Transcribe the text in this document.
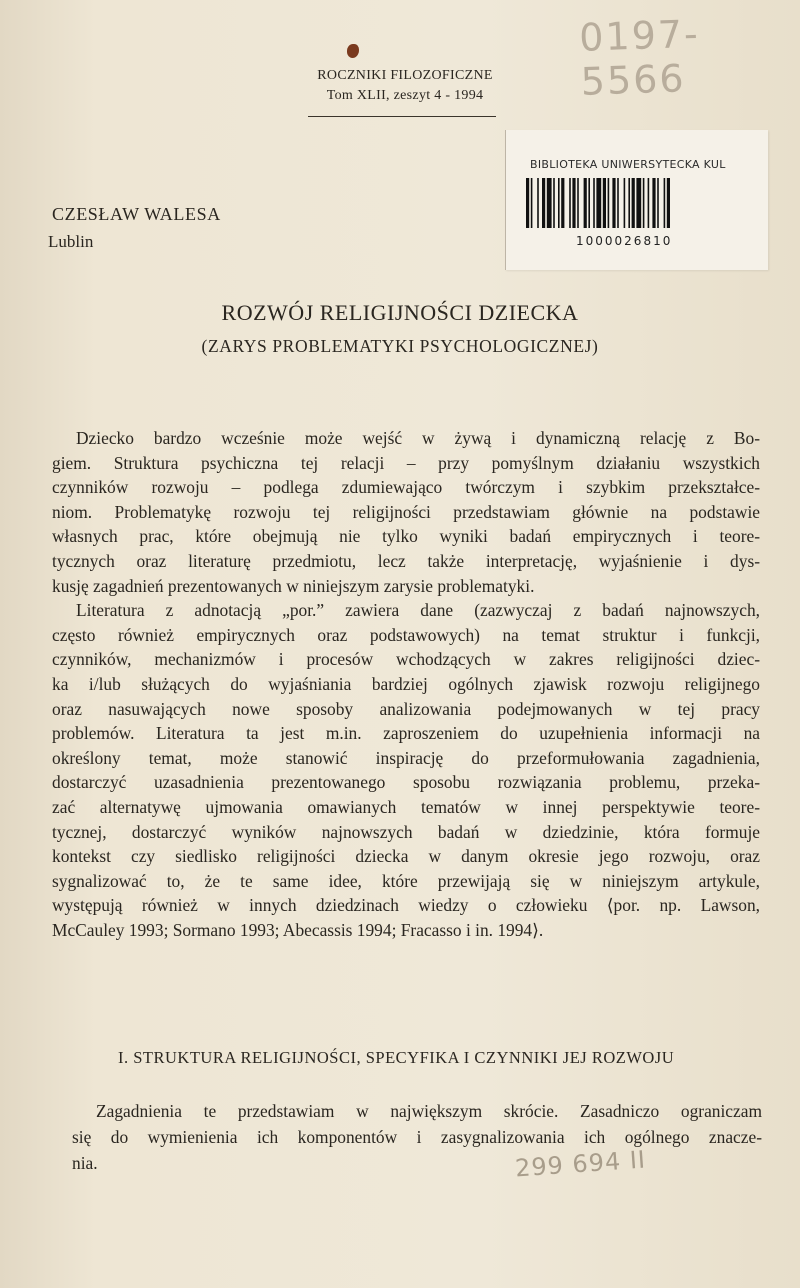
0197-5566
ROCZNIKI FILOZOFICZNE
Tom XLII, zeszyt 4 - 1994
BIBLIOTEKA UNIWERSYTECKA KUL
1000026810
CZESŁAW WALESA
Lublin
ROZWÓJ RELIGIJNOŚCI DZIECKA
(ZARYS PROBLEMATYKI PSYCHOLOGICZNEJ)
Dziecko bardzo wcześnie może wejść w żywą i dynamiczną relację z Bo-
giem. Struktura psychiczna tej relacji – przy pomyślnym działaniu wszystkich
czynników rozwoju – podlega zdumiewająco twórczym i szybkim przekształce-
niom. Problematykę rozwoju tej religijności przedstawiam głównie na podstawie
własnych prac, które obejmują nie tylko wyniki badań empirycznych i teore-
tycznych oraz literaturę przedmiotu, lecz także interpretację, wyjaśnienie i dys-
kusję zagadnień prezentowanych w niniejszym zarysie problematyki.
Literatura z adnotacją „por.” zawiera dane (zazwyczaj z badań najnowszych,
często również empirycznych oraz podstawowych) na temat struktur i funkcji,
czynników, mechanizmów i procesów wchodzących w zakres religijności dziec-
ka i/lub służących do wyjaśniania bardziej ogólnych zjawisk rozwoju religijnego
oraz nasuwających nowe sposoby analizowania podejmowanych w tej pracy
problemów. Literatura ta jest m.in. zaproszeniem do uzupełnienia informacji na
określony temat, może stanowić inspirację do przeformułowania zagadnienia,
dostarczyć uzasadnienia prezentowanego sposobu rozwiązania problemu, przeka-
zać alternatywę ujmowania omawianych tematów w innej perspektywie teore-
tycznej, dostarczyć wyników najnowszych badań w dziedzinie, która formuje
kontekst czy siedlisko religijności dziecka w danym okresie jego rozwoju, oraz
sygnalizować to, że te same idee, które przewijają się w niniejszym artykule,
występują również w innych dziedzinach wiedzy o człowieku ⟨por. np. Lawson,
McCauley 1993; Sormano 1993; Abecassis 1994; Fracasso i in. 1994⟩.
I. STRUKTURA RELIGIJNOŚCI, SPECYFIKA I CZYNNIKI JEJ ROZWOJU
Zagadnienia te przedstawiam w największym skrócie. Zasadniczo ograniczam
się do wymienienia ich komponentów i zasygnalizowania ich ogólnego znacze-
nia.	299 694 II
